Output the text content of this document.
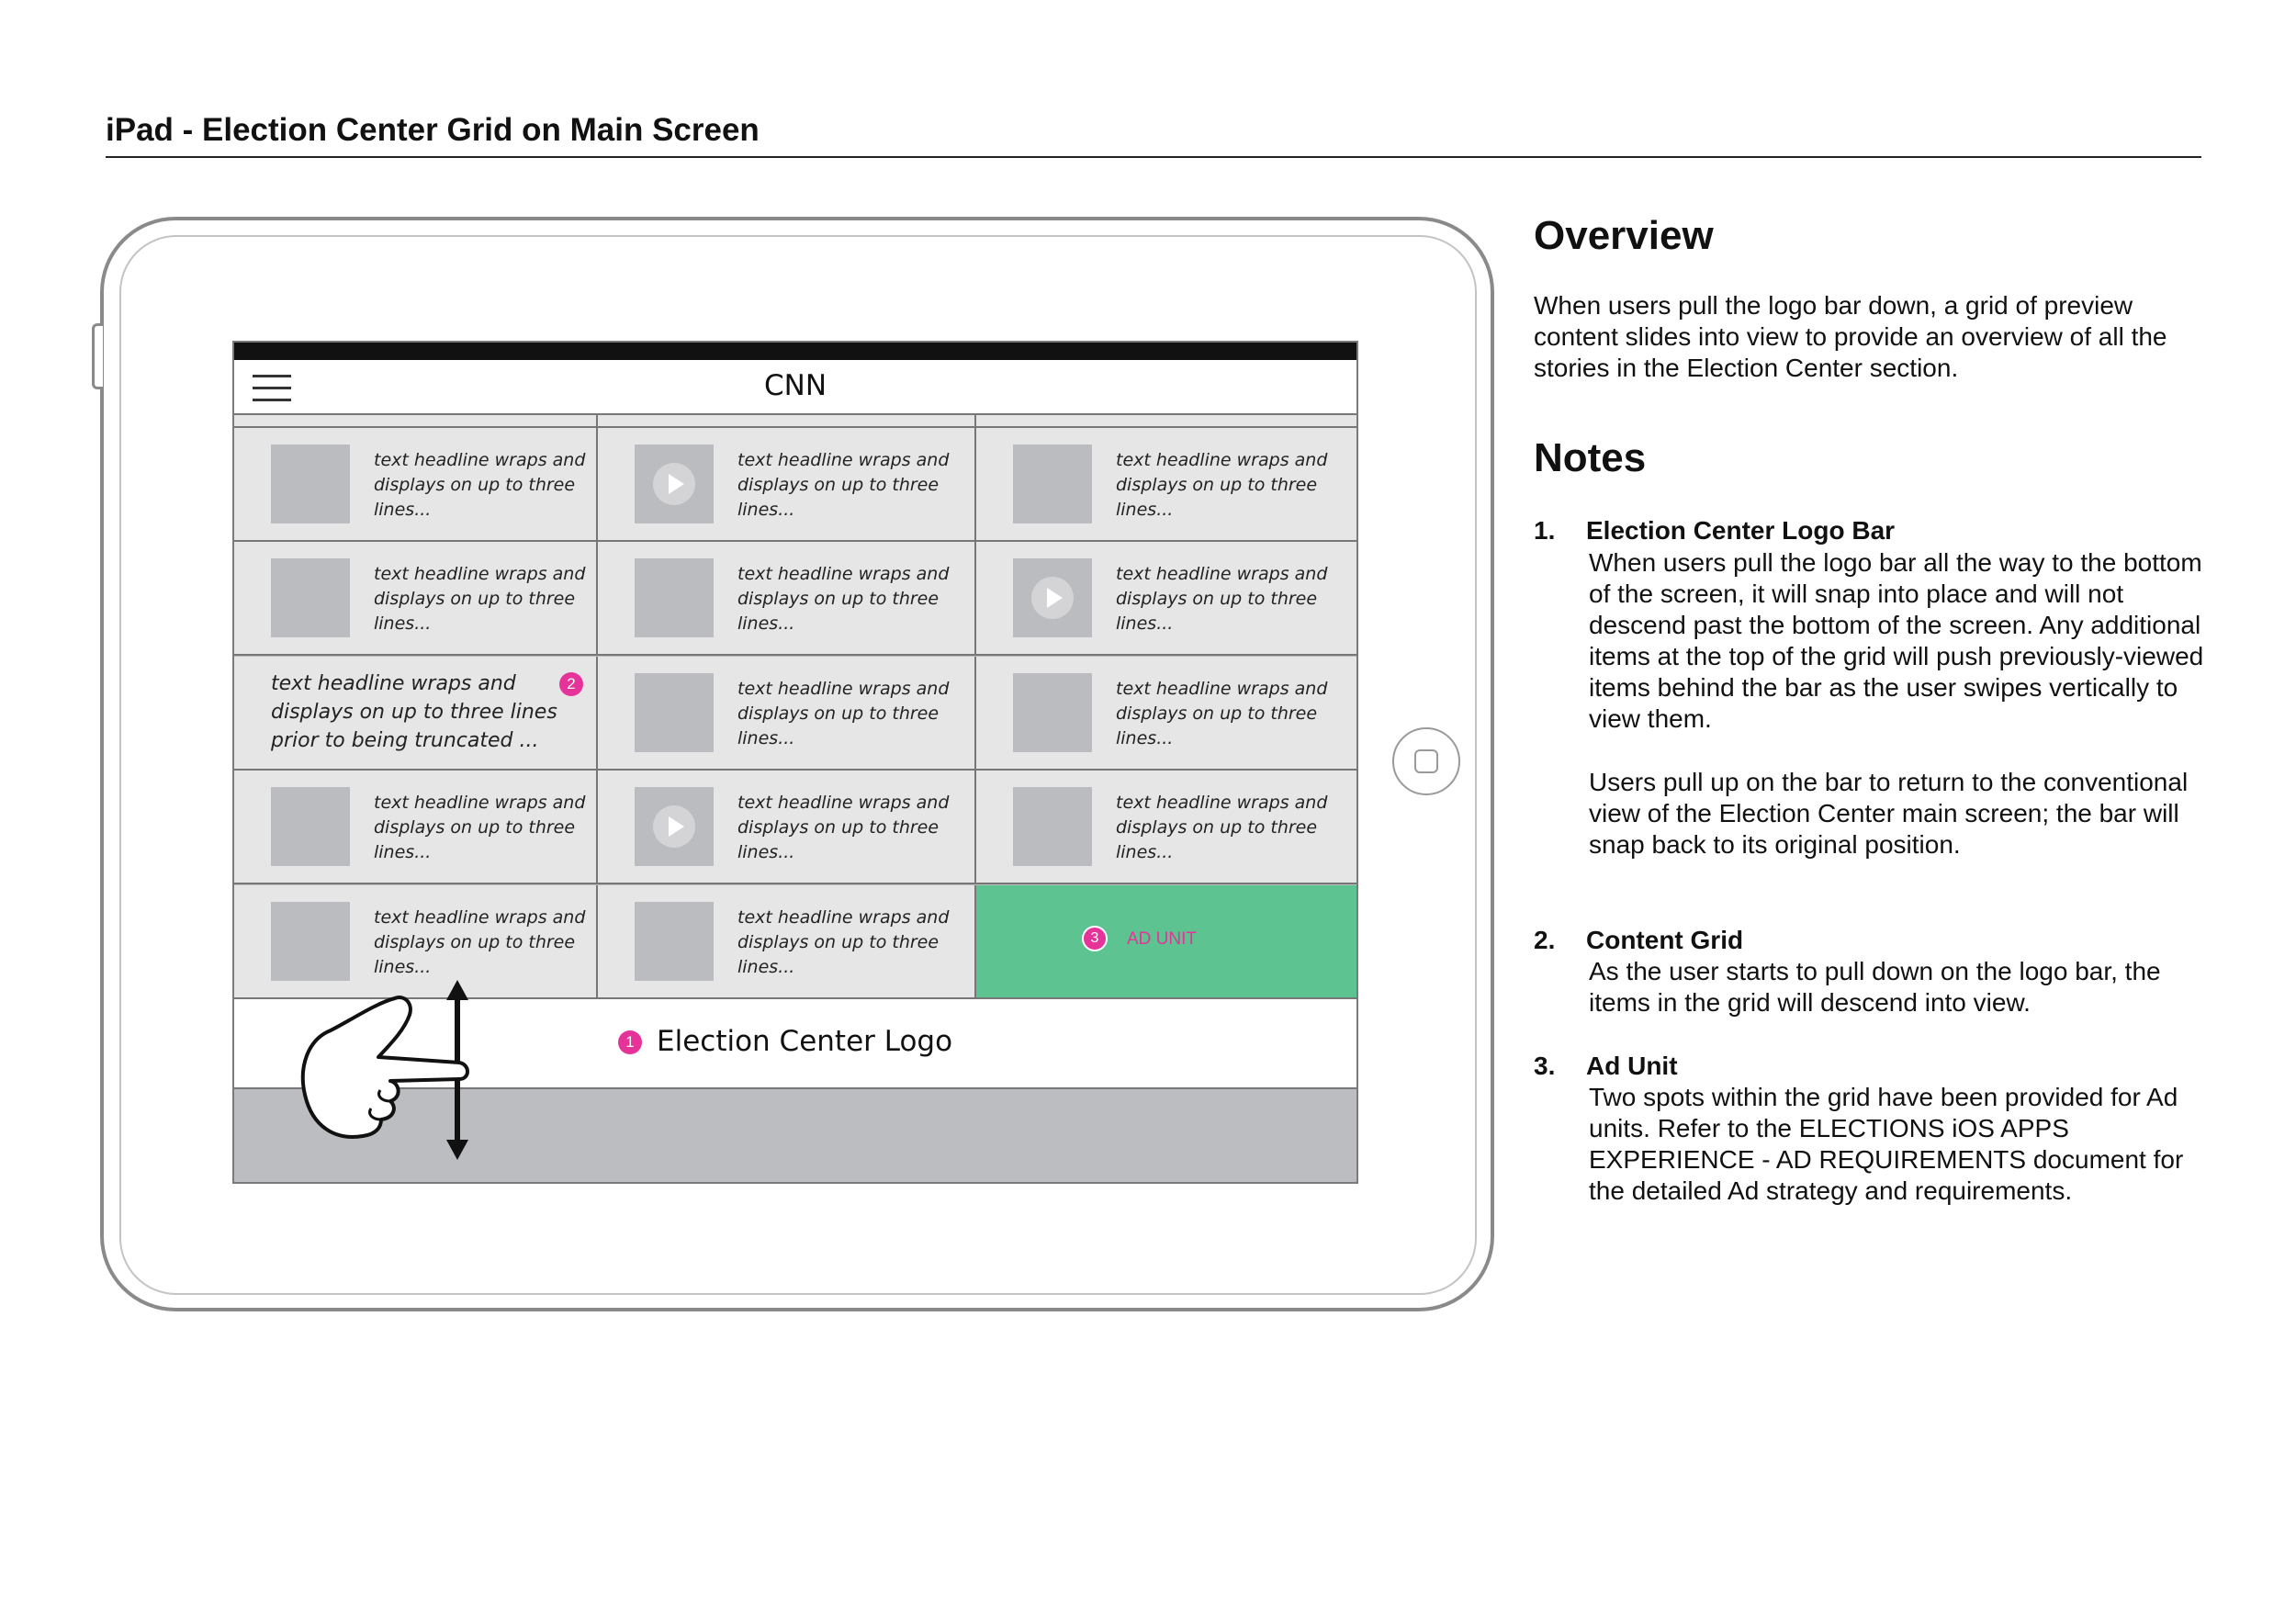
iPad - Election Center Grid on Main Screen
CNN
text headline wraps and displays on up to three lines...
text headline wraps and displays on up to three lines...
text headline wraps and displays on up to three lines...
text headline wraps and displays on up to three lines...
text headline wraps and displays on up to three lines...
text headline wraps and displays on up to three lines...
text headline wraps and displays on up to three lines prior to being truncated ...
2	text headline wraps and displays on up to three lines...
text headline wraps and displays on up to three lines...
text headline wraps and displays on up to three lines...
text headline wraps and displays on up to three lines...
text headline wraps and displays on up to three lines...
text headline wraps and displays on up to three lines...
text headline wraps and displays on up to three lines...
3	AD UNIT
1 Election Center Logo
Overview
When users pull the logo bar down, a grid of preview content slides into view to provide an overview of all the stories in the Election Center section.
Notes
1. Election Center Logo Bar
When users pull the logo bar all the way to the bottom of the screen, it will snap into place and will not descend past the bottom of the screen. Any additional items at the top of the grid will push previously-viewed items behind the bar as the user swipes vertically to view them.
Users pull up on the bar to return to the conventional view of the Election Center main screen; the bar will snap back to its original position.
2. Content Grid
As the user starts to pull down on the logo bar, the items in the grid will descend into view.
3. Ad Unit
Two spots within the grid have been provided for Ad units. Refer to the ELECTIONS iOS APPS EXPERIENCE - AD REQUIREMENTS document for the detailed Ad strategy and requirements.
